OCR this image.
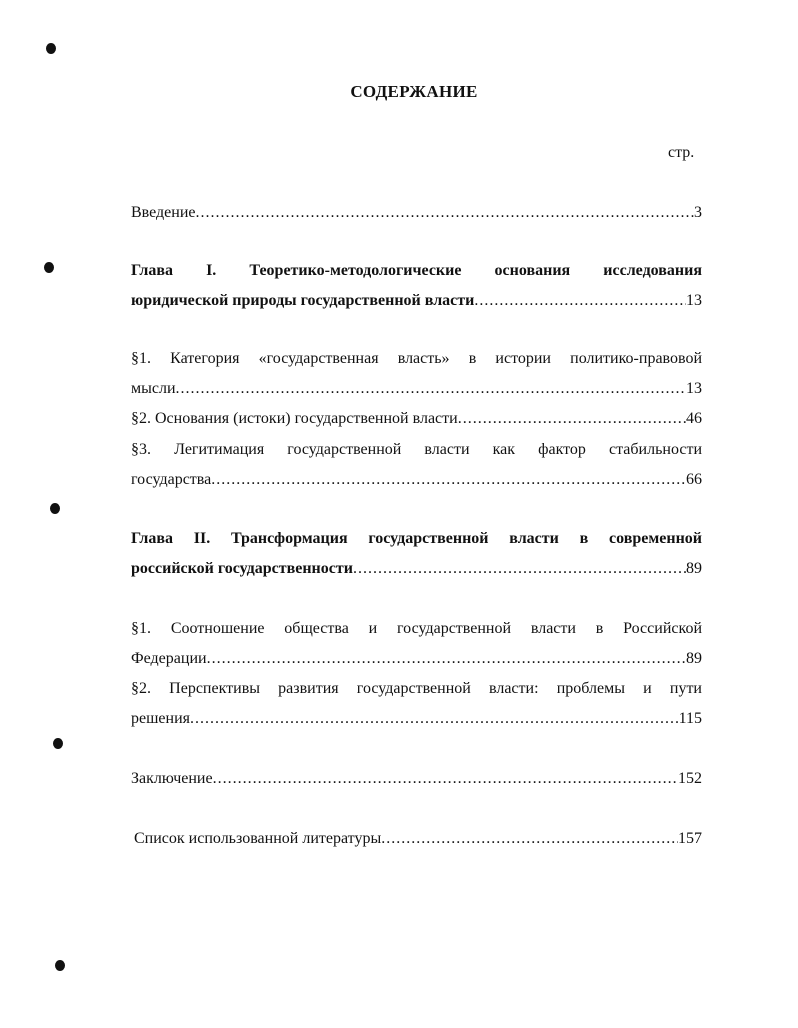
СОДЕРЖАНИЕ
стр.
Введение .....	3
Глава I. Теоретико-методологические основания исследования
юридической природы государственной власти .....	13
§1. Категория «государственная власть» в истории политико-правовой
мысли .....	13
§2. Основания (истоки) государственной власти .....	46
§3. Легитимация государственной власти как фактор стабильности
государства .....	66
Глава II. Трансформация государственной власти в современной
российской государственности .....	89
§1. Соотношение общества и государственной власти в Российской
Федерации .....	89
§2. Перспективы развития государственной власти: проблемы и пути
решения .....	115
Заключение .....	152
Список использованной литературы .....	157
